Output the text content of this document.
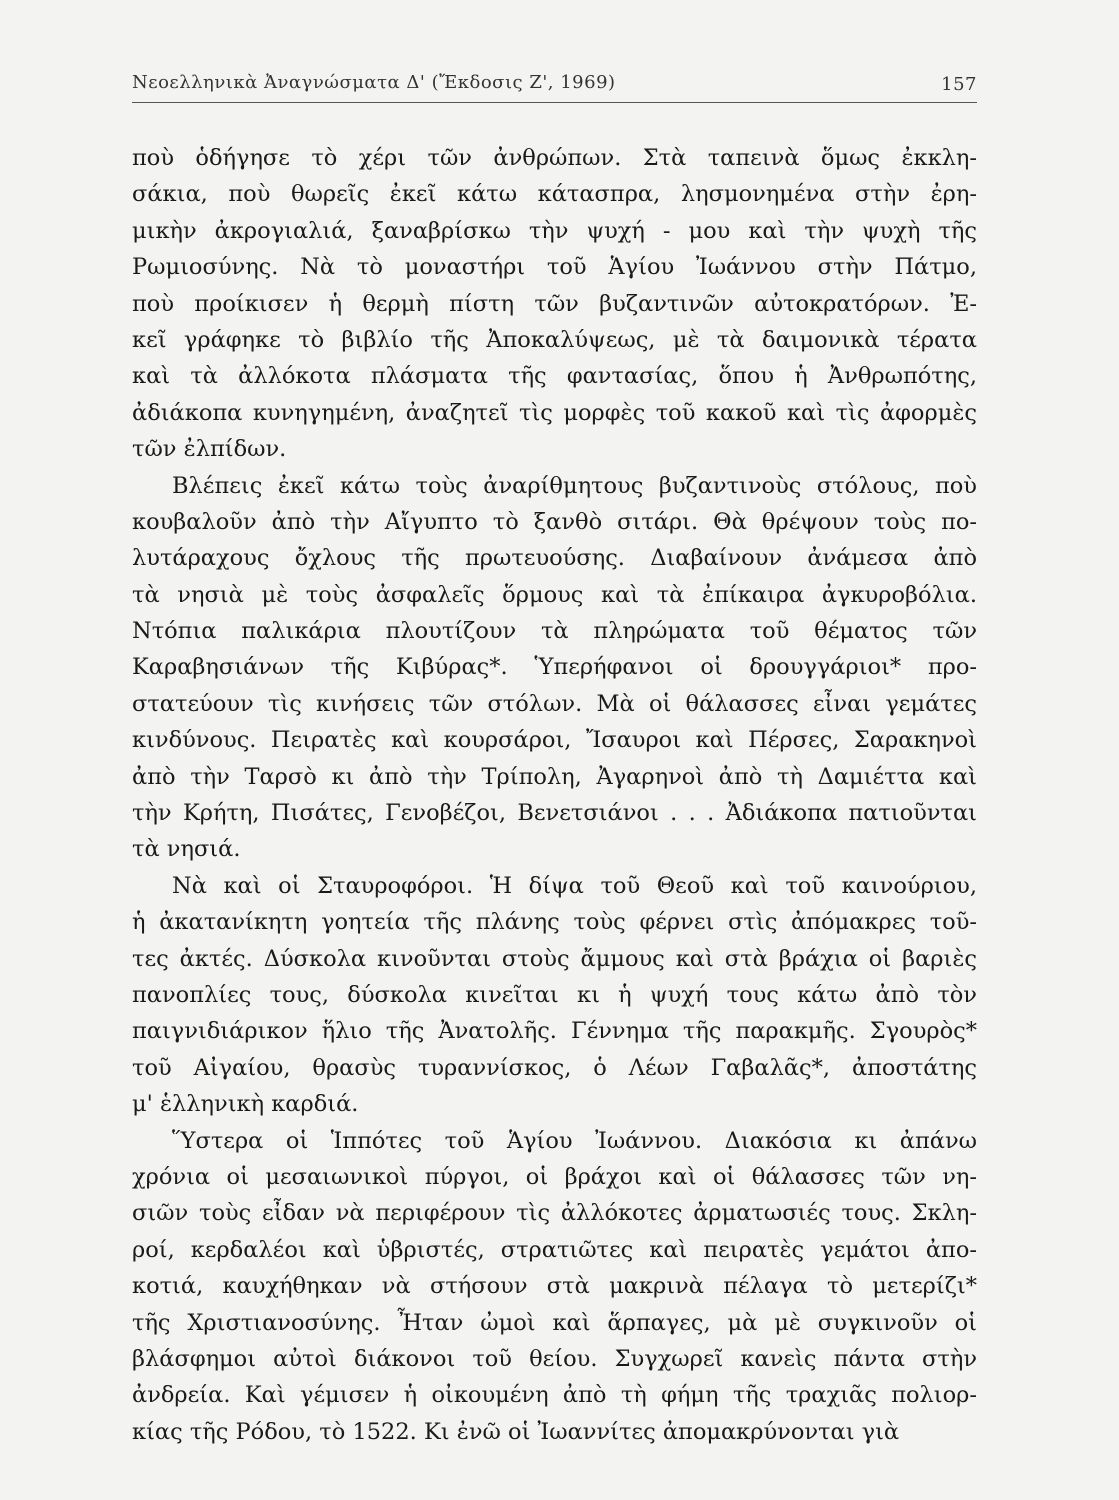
Νεοελληνικὰ Ἀναγνώσματα Δ' (Ἔκδοσις Ζ', 1969)	157
ποὺ ὁδήγησε τὸ χέρι τῶν ἀνθρώπων. Στὰ ταπεινὰ ὅμως ἐκκλη-
σάκια, ποὺ θωρεῖς ἐκεῖ κάτω κάτασπρα, λησμονημένα στὴν ἐρη-
μικὴν ἀκρογιαλιά, ξαναβρίσκω τὴν ψυχή - μου καὶ τὴν ψυχὴ τῆς
Ρωμιοσύνης. Νὰ τὸ μοναστήρι τοῦ Ἁγίου Ἰωάννου στὴν Πάτμο,
ποὺ προίκισεν ἡ θερμὴ πίστη τῶν βυζαντινῶν αὐτοκρατόρων. Ἐ-
κεῖ γράφηκε τὸ βιβλίο τῆς Ἀποκαλύψεως, μὲ τὰ δαιμονικὰ τέρατα
καὶ τὰ ἀλλόκοτα πλάσματα τῆς φαντασίας, ὅπου ἡ Ἀνθρωπότης,
ἀδιάκοπα κυνηγημένη, ἀναζητεῖ τὶς μορφὲς τοῦ κακοῦ καὶ τὶς ἀφορμὲς
τῶν ἐλπίδων.
Βλέπεις ἐκεῖ κάτω τοὺς ἀναρίθμητους βυζαντινοὺς στόλους, ποὺ
κουβαλοῦν ἀπὸ τὴν Αἴγυπτο τὸ ξανθὸ σιτάρι. Θὰ θρέψουν τοὺς πο-
λυτάραχους ὄχλους τῆς πρωτευούσης. Διαβαίνουν ἀνάμεσα ἀπὸ
τὰ νησιὰ μὲ τοὺς ἀσφαλεῖς ὅρμους καὶ τὰ ἐπίκαιρα ἀγκυροβόλια.
Ντόπια παλικάρια πλουτίζουν τὰ πληρώματα τοῦ θέματος τῶν
Καραβησιάνων τῆς Κιβύρας*. Ὑπερήφανοι οἱ δρουγγάριοι* προ-
στατεύουν τὶς κινήσεις τῶν στόλων. Μὰ οἱ θάλασσες εἶναι γεμάτες
κινδύνους. Πειρατὲς καὶ κουρσάροι, Ἴσαυροι καὶ Πέρσες, Σαρακηνοὶ
ἀπὸ τὴν Ταρσὸ κι ἀπὸ τὴν Τρίπολη, Ἀγαρηνοὶ ἀπὸ τὴ Δαμιέττα καὶ
τὴν Κρήτη, Πισάτες, Γενοβέζοι, Βενετσιάνοι . . . Ἀδιάκοπα πατιοῦνται
τὰ νησιά.
Νὰ καὶ οἱ Σταυροφόροι. Ἡ δίψα τοῦ Θεοῦ καὶ τοῦ καινούριου,
ἡ ἀκατανίκητη γοητεία τῆς πλάνης τοὺς φέρνει στὶς ἀπόμακρες τοῦ-
τες ἀκτές. Δύσκολα κινοῦνται στοὺς ἄμμους καὶ στὰ βράχια οἱ βαριὲς
πανοπλίες τους, δύσκολα κινεῖται κι ἡ ψυχή τους κάτω ἀπὸ τὸν
παιγνιδιάρικον ἥλιο τῆς Ἀνατολῆς. Γέννημα τῆς παρακμῆς. Σγουρὸς*
τοῦ Αἰγαίου, θρασὺς τυραννίσκος, ὁ Λέων Γαβαλᾶς*, ἀποστάτης
μ' ἑλληνικὴ καρδιά.
Ὕστερα οἱ Ἱππότες τοῦ Ἁγίου Ἰωάννου. Διακόσια κι ἀπάνω
χρόνια οἱ μεσαιωνικοὶ πύργοι, οἱ βράχοι καὶ οἱ θάλασσες τῶν νη-
σιῶν τοὺς εἶδαν νὰ περιφέρουν τὶς ἀλλόκοτες ἀρματωσιές τους. Σκλη-
ροί, κερδαλέοι καὶ ὑβριστές, στρατιῶτες καὶ πειρατὲς γεμάτοι ἀπο-
κοτιά, καυχήθηκαν νὰ στήσουν στὰ μακρινὰ πέλαγα τὸ μετερίζι*
τῆς Χριστιανοσύνης. Ἦταν ὠμοὶ καὶ ἅρπαγες, μὰ μὲ συγκινοῦν οἱ
βλάσφημοι αὐτοὶ διάκονοι τοῦ θείου. Συγχωρεῖ κανεὶς πάντα στὴν
ἀνδρεία. Καὶ γέμισεν ἡ οἰκουμένη ἀπὸ τὴ φήμη τῆς τραχιᾶς πολιορ-
κίας τῆς Ρόδου, τὸ 1522. Κι ἐνῶ οἱ Ἰωαννίτες ἀπομακρύνονται γιὰ
